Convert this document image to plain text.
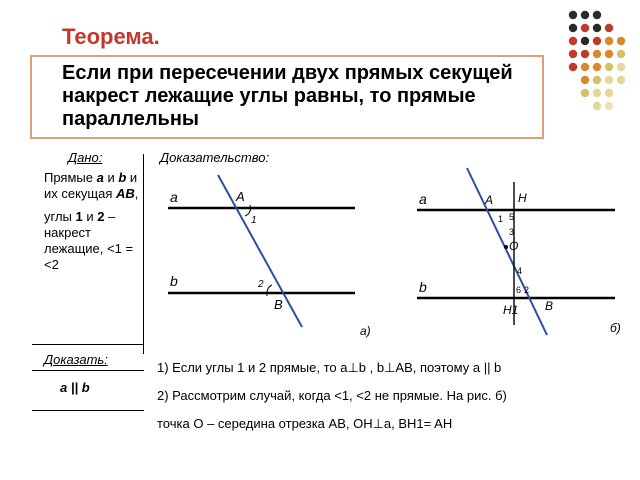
Теорема.
Если при пересечении двух прямых секущей накрест лежащие углы равны, то прямые параллельны
Дано:
Прямые a и b и их секущая AB,
углы 1 и 2 – накрест лежащие, <1 = <2
Доказать:
a || b
Доказательство:
a
b
A
B
1
2
а)
a
b
A H
O
B
H1
1 5
3
4
6 2
б)
1) Если углы 1 и 2 прямые, то a⊥b , b⊥AB, поэтому a || b
2) Рассмотрим случай, когда <1, <2 не прямые. На рис. б)
точка O – середина отрезка AB, OH⊥a, BH1= AH
